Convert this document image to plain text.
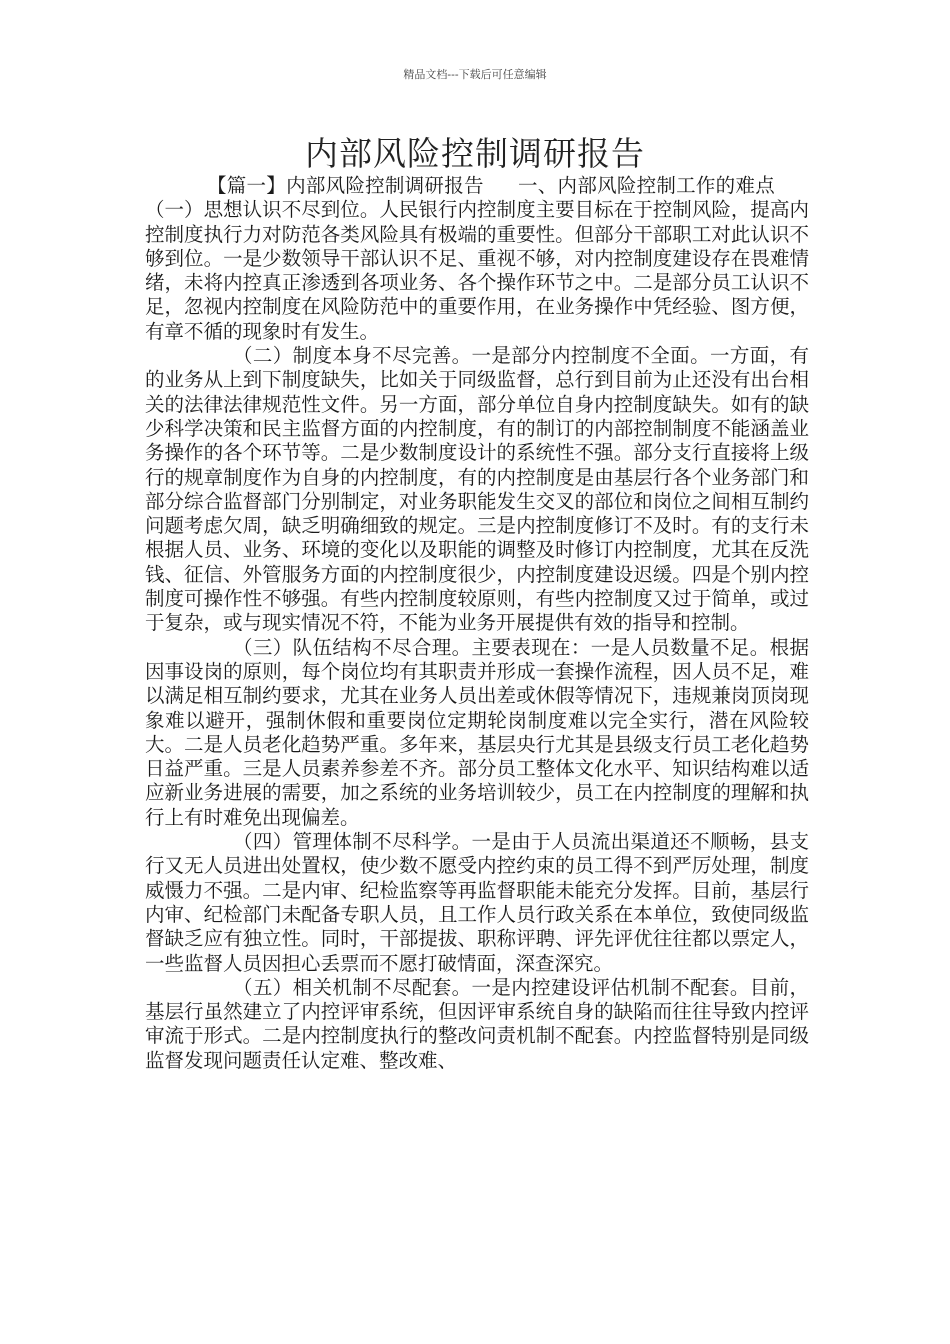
精品文档---下载后可任意编辑
内部风险控制调研报告

【篇一】内部风险控制调研报告 一、内部风险控制工作的难点（一）思想认识不尽到位。人民银行内控制度主要目标在于控制风险，提高内控制度执行力对防范各类风险具有极端的重要性。但部分干部职工对此认识不够到位。一是少数领导干部认识不足、重视不够，对内控制度建设存在畏难情绪，未将内控真正渗透到各项业务、各个操作环节之中。二是部分员工认识不足，忽视内控制度在风险防范中的重要作用，在业务操作中凭经验、图方便，有章不循的现象时有发生。

（二）制度本身不尽完善。一是部分内控制度不全面。一方面，有的业务从上到下制度缺失，比如关于同级监督，总行到目前为止还没有出台相关的法律法律规范性文件。另一方面，部分单位自身内控制度缺失。如有的缺少科学决策和民主监督方面的内控制度，有的制订的内部控制制度不能涵盖业务操作的各个环节等。二是少数制度设计的系统性不强。部分支行直接将上级行的规章制度作为自身的内控制度，有的内控制度是由基层行各个业务部门和部分综合监督部门分别制定，对业务职能发生交叉的部位和岗位之间相互制约问题考虑欠周，缺乏明确细致的规定。三是内控制度修订不及时。有的支行未根据人员、业务、环境的变化以及职能的调整及时修订内控制度，尤其在反洗钱、征信、外管服务方面的内控制度很少，内控制度建设迟缓。四是个别内控制度可操作性不够强。有些内控制度较原则，有些内控制度又过于简单，或过于复杂，或与现实情况不符，不能为业务开展提供有效的指导和控制。

（三）队伍结构不尽合理。主要表现在：一是人员数量不足。根据因事设岗的原则，每个岗位均有其职责并形成一套操作流程，因人员不足，难以满足相互制约要求，尤其在业务人员出差或休假等情况下，违规兼岗顶岗现象难以避开，强制休假和重要岗位定期轮岗制度难以完全实行，潜在风险较大。二是人员老化趋势严重。多年来，基层央行尤其是县级支行员工老化趋势日益严重。三是人员素养参差不齐。部分员工整体文化水平、知识结构难以适应新业务进展的需要，加之系统的业务培训较少，员工在内控制度的理解和执行上有时难免出现偏差。

（四）管理体制不尽科学。一是由于人员流出渠道还不顺畅，县支行又无人员进出处置权，使少数不愿受内控约束的员工得不到严厉处理，制度威慑力不强。二是内审、纪检监察等再监督职能未能充分发挥。目前，基层行内审、纪检部门未配备专职人员，且工作人员行政关系在本单位，致使同级监督缺乏应有独立性。同时，干部提拔、职称评聘、评先评优往往都以票定人，一些监督人员因担心丢票而不愿打破情面，深查深究。

（五）相关机制不尽配套。一是内控建设评估机制不配套。目前，基层行虽然建立了内控评审系统，但因评审系统自身的缺陷而往往导致内控评审流于形式。二是内控制度执行的整改问责机制不配套。内控监督特别是同级监督发现问题责任认定难、整改难、
